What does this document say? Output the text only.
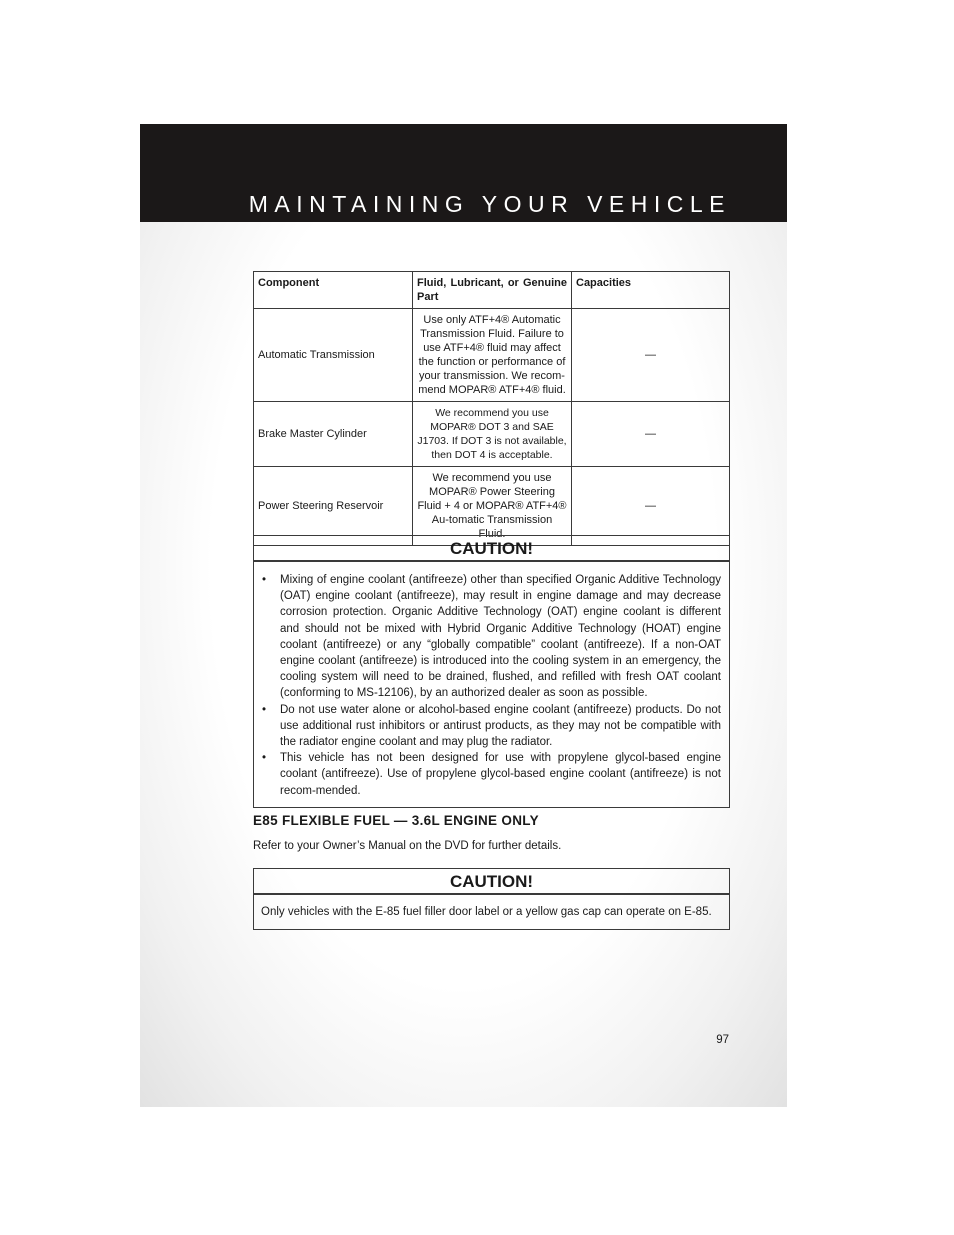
MAINTAINING YOUR VEHICLE
Component	Fluid, Lubricant, or Genuine Part	Capacities
Automatic Transmission	Use only ATF+4® Automatic Transmission Fluid. Failure to use ATF+4® fluid may affect the function or performance of your transmission. We recom-mend MOPAR® ATF+4® fluid.	—
Brake Master Cylinder	We recommend you use MOPAR® DOT 3 and SAE J1703. If DOT 3 is not available, then DOT 4 is acceptable.	—
Power Steering Reservoir	We recommend you use MOPAR® Power Steering Fluid + 4 or MOPAR® ATF+4® Au-tomatic Transmission Fluid.	—
CAUTION!
• Mixing of engine coolant (antifreeze) other than specified Organic Additive Technology (OAT) engine coolant (antifreeze), may result in engine damage and may decrease corrosion protection. Organic Additive Technology (OAT) engine coolant is different and should not be mixed with Hybrid Organic Additive Technology (HOAT) engine coolant (antifreeze) or any “globally compatible” coolant (antifreeze). If a non-OAT engine coolant (antifreeze) is introduced into the cooling system in an emergency, the cooling system will need to be drained, flushed, and refilled with fresh OAT coolant (conforming to MS-12106), by an authorized dealer as soon as possible.
• Do not use water alone or alcohol-based engine coolant (antifreeze) products. Do not use additional rust inhibitors or antirust products, as they may not be compatible with the radiator engine coolant and may plug the radiator.
• This vehicle has not been designed for use with propylene glycol-based engine coolant (antifreeze). Use of propylene glycol-based engine coolant (antifreeze) is not recom-mended.
E85 FLEXIBLE FUEL — 3.6L ENGINE ONLY
Refer to your Owner’s Manual on the DVD for further details.
CAUTION!
Only vehicles with the E-85 fuel filler door label or a yellow gas cap can operate on E-85.
97
